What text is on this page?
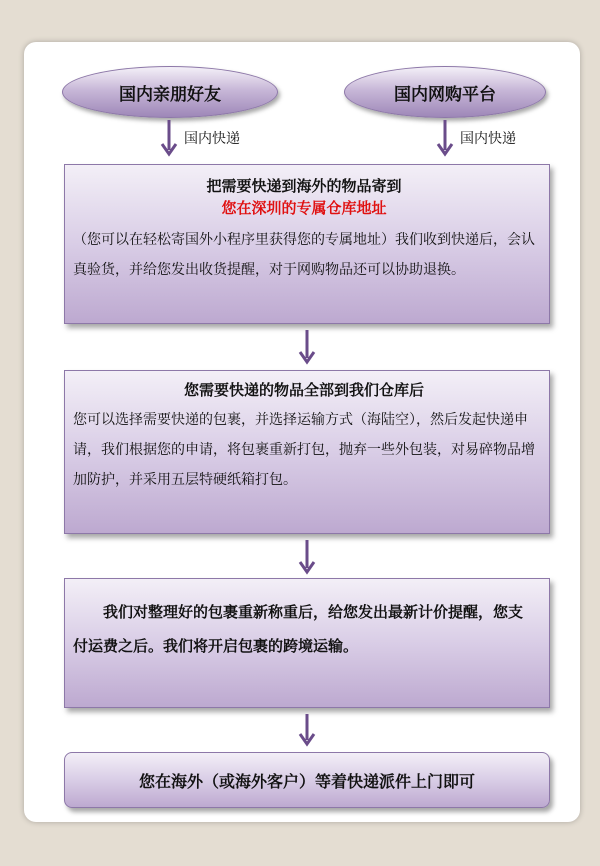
国内亲朋好友	国内网购平台
国内快递	国内快递
把需要快递到海外的物品寄到
您在深圳的专属仓库地址
（您可以在轻松寄国外小程序里获得您的专属地址）我们收到快递后，会认真验货，并给您发出收货提醒，对于网购物品还可以协助退换。
您需要快递的物品全部到我们仓库后
您可以选择需要快递的包裹，并选择运输方式（海陆空），然后发起快递申请，我们根据您的申请，将包裹重新打包，抛弃一些外包装，对易碎物品增加防护，并采用五层特硬纸箱打包。
我们对整理好的包裹重新称重后，给您发出最新计价提醒，您支付运费之后。我们将开启包裹的跨境运输。
您在海外（或海外客户）等着快递派件上门即可
